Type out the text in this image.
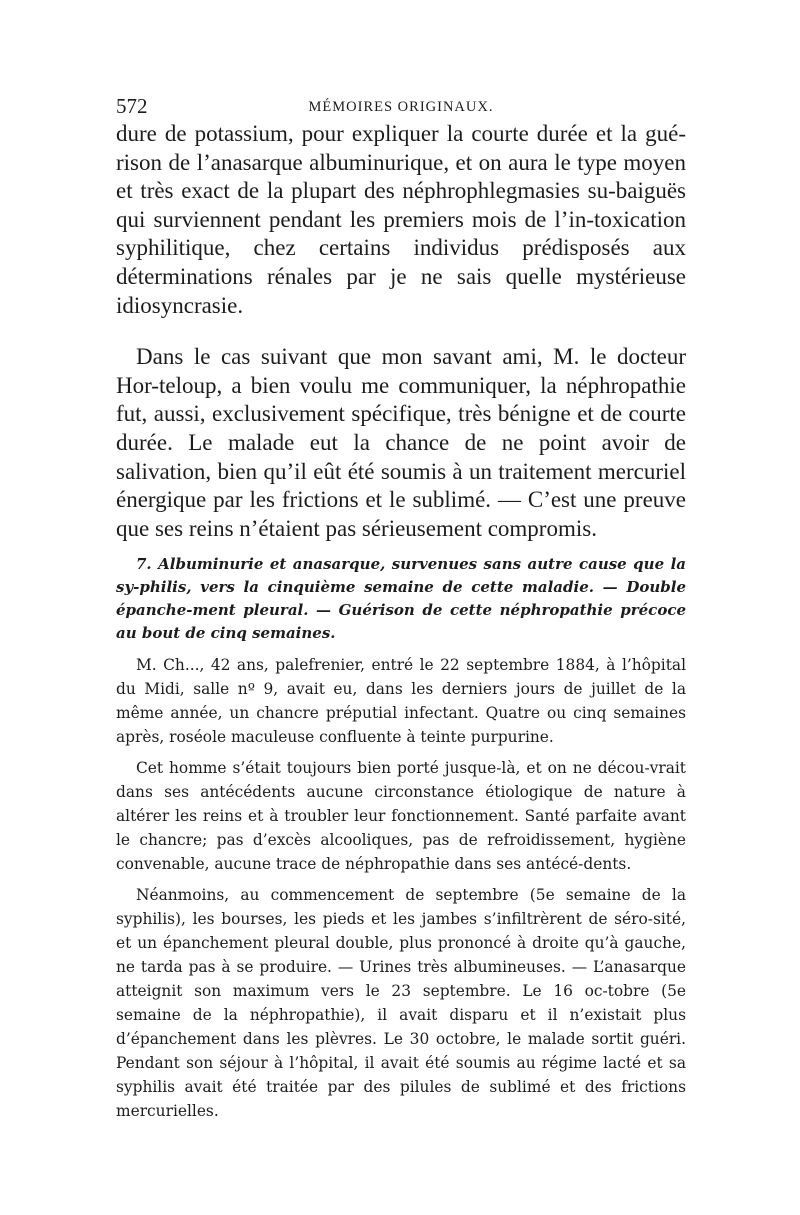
572	MÉMOIRES ORIGINAUX.

dure de potassium, pour expliquer la courte durée et la gué-rison de l’anasarque albuminurique, et on aura le type moyen et très exact de la plupart des néphrophlegmasies su-baiguës qui surviennent pendant les premiers mois de l’in-toxication syphilitique, chez certains individus prédisposés aux déterminations rénales par je ne sais quelle mystérieuse idiosyncrasie.

Dans le cas suivant que mon savant ami, M. le docteur Hor-teloup, a bien voulu me communiquer, la néphropathie fut, aussi, exclusivement spécifique, très bénigne et de courte durée. Le malade eut la chance de ne point avoir de salivation, bien qu’il eût été soumis à un traitement mercuriel énergique par les frictions et le sublimé. — C’est une preuve que ses reins n’étaient pas sérieusement compromis.

7. Albuminurie et anasarque, survenues sans autre cause que la sy-philis, vers la cinquième semaine de cette maladie. — Double épanche-ment pleural. — Guérison de cette néphropathie précoce au bout de cinq semaines.

M. Ch..., 42 ans, palefrenier, entré le 22 septembre 1884, à l’hôpital du Midi, salle nº 9, avait eu, dans les derniers jours de juillet de la même année, un chancre préputial infectant. Quatre ou cinq semaines après, roséole maculeuse confluente à teinte purpurine.

Cet homme s’était toujours bien porté jusque-là, et on ne décou-vrait dans ses antécédents aucune circonstance étiologique de nature à altérer les reins et à troubler leur fonctionnement. Santé parfaite avant le chancre; pas d’excès alcooliques, pas de refroidissement, hygiène convenable, aucune trace de néphropathie dans ses antécé-dents.

Néanmoins, au commencement de septembre (5e semaine de la syphilis), les bourses, les pieds et les jambes s’infiltrèrent de séro-sité, et un épanchement pleural double, plus prononcé à droite qu’à gauche, ne tarda pas à se produire. — Urines très albumineuses. — L’anasarque atteignit son maximum vers le 23 septembre. Le 16 oc-tobre (5e semaine de la néphropathie), il avait disparu et il n’existait plus d’épanchement dans les plèvres. Le 30 octobre, le malade sortit guéri. Pendant son séjour à l’hôpital, il avait été soumis au régime lacté et sa syphilis avait été traitée par des pilules de sublimé et des frictions mercurielles.
